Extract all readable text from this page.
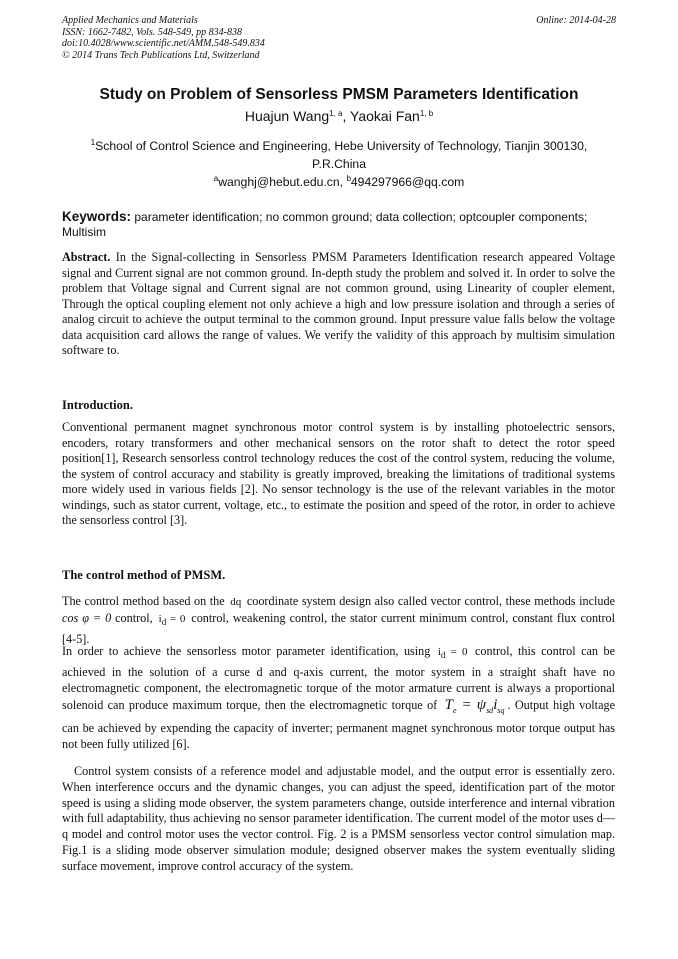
Applied Mechanics and Materials
ISSN: 1662-7482, Vols. 548-549, pp 834-838
doi:10.4028/www.scientific.net/AMM.548-549.834
© 2014 Trans Tech Publications Ltd, Switzerland
Online: 2014-04-28
Study on Problem of Sensorless PMSM Parameters Identification
Huajun Wang$^{1, a}$, Yaokai Fan$^{1, b}$
$^1$School of Control Science and Engineering, Hebe University of Technology, Tianjin 300130, P.R.China
$^a$wanghj@hebut.edu.cn, $^b$494297966@qq.com
Keywords: parameter identification; no common ground; data collection; optcoupler components; Multisim

Abstract. In the Signal-collecting in Sensorless PMSM Parameters Identification research appeared Voltage signal and Current signal are not common ground. In-depth study the problem and solved it. In order to solve the problem that Voltage signal and Current signal are not common ground, using Linearity of coupler element, Through the optical coupling element not only achieve a high and low pressure isolation and through a series of analog circuit to achieve the output terminal to the common ground. Input pressure value falls below the voltage data acquisition card allows the range of values. We verify the validity of this approach by multisim simulation software to.

Introduction.

Conventional permanent magnet synchronous motor control system is by installing photoelectric sensors, encoders, rotary transformers and other mechanical sensors on the rotor shaft to detect the rotor speed position[1], Research sensorless control technology reduces the cost of the control system, reducing the volume, the system of control accuracy and stability is greatly improved, breaking the limitations of traditional systems more widely used in various fields [2]. No sensor technology is the use of the relevant variables in the motor windings, such as stator current, voltage, etc., to estimate the position and speed of the rotor, in order to achieve the sensorless control [3].

The control method of PMSM.

The control method based on the dq coordinate system design also called vector control, these methods include cos φ = 0 control, $i_d = 0$ control, weakening control, the stator current minimum control, constant flux control [4-5].

In order to achieve the sensorless motor parameter identification, using $i_d = 0$ control, this control can be achieved in the solution of a curse d and q-axis current, the motor system in a straight shaft have no electromagnetic component, the electromagnetic torque of the motor armature current is always a proportional solenoid can produce maximum torque, then the electromagnetic torque of $T_e = \psi_{sd}i_{sq}$ . Output high voltage can be achieved by expending the capacity of inverter; permanent magnet synchronous motor torque output has not been fully utilized [6].

Control system consists of a reference model and adjustable model, and the output error is essentially zero. When interference occurs and the dynamic changes, you can adjust the speed, identification part of the motor speed is using a sliding mode observer, the system parameters change, outside interference and internal vibration with full adaptability, thus achieving no sensor parameter identification. The current model of the motor uses d—q model and control motor uses the vector control. Fig. 2 is a PMSM sensorless vector control simulation map. Fig.1 is a sliding mode observer simulation module; designed observer makes the system eventually sliding surface movement, improve control accuracy of the system.
